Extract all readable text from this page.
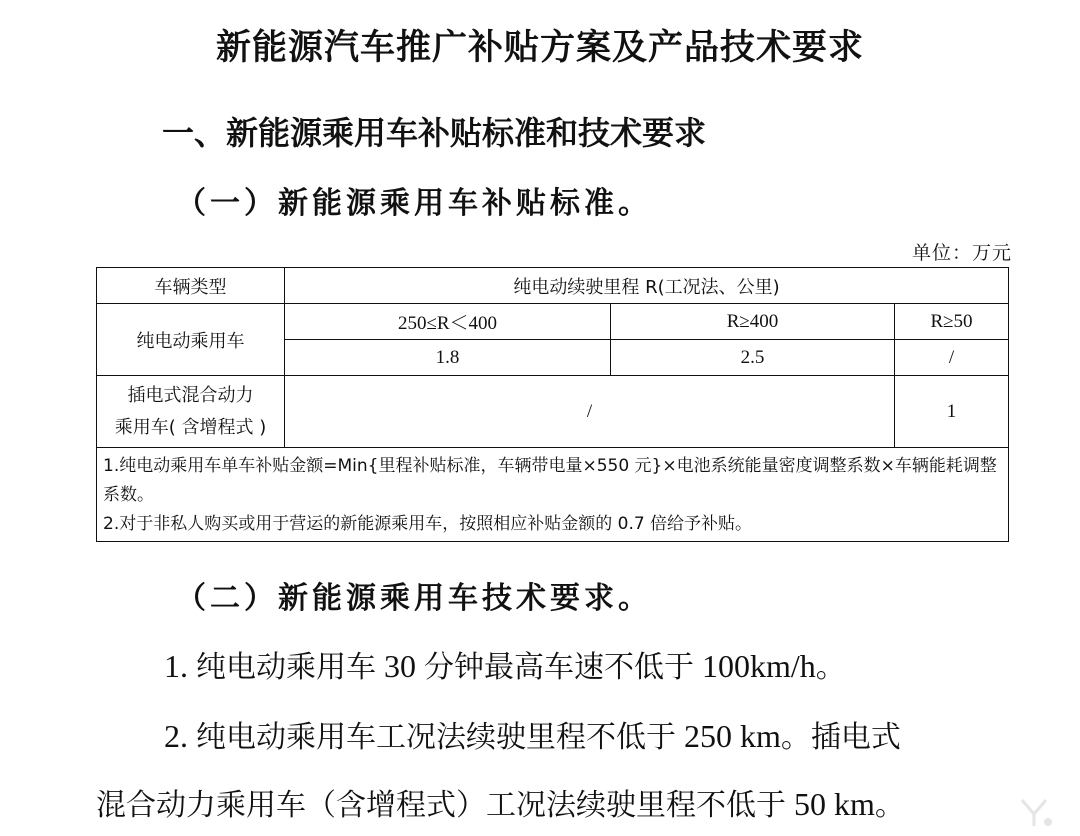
新能源汽车推广补贴方案及产品技术要求
一、新能源乘用车补贴标准和技术要求
（一）新能源乘用车补贴标准。
单位：万元
车辆类型	纯电动续驶里程 R(工况法、公里)		
纯电动乘用车	250≤R＜400	R≥400	R≥50
	1.8	2.5	/

插电式混合动力
乘用车( 含增程式 )	/		1

1.纯电动乘用车单车补贴金额=Min{里程补贴标准，车辆带电量×550 元}×电池系统能量密度调整系数×车辆能耗调整系数。
2.对于非私人购买或用于营运的新能源乘用车，按照相应补贴金额的 0.7 倍给予补贴。			
（二）新能源乘用车技术要求。
1. 纯电动乘用车 30 分钟最高车速不低于 100km/h。
2. 纯电动乘用车工况法续驶里程不低于 250 km。插电式
混合动力乘用车（含增程式）工况法续驶里程不低于 50 km。
